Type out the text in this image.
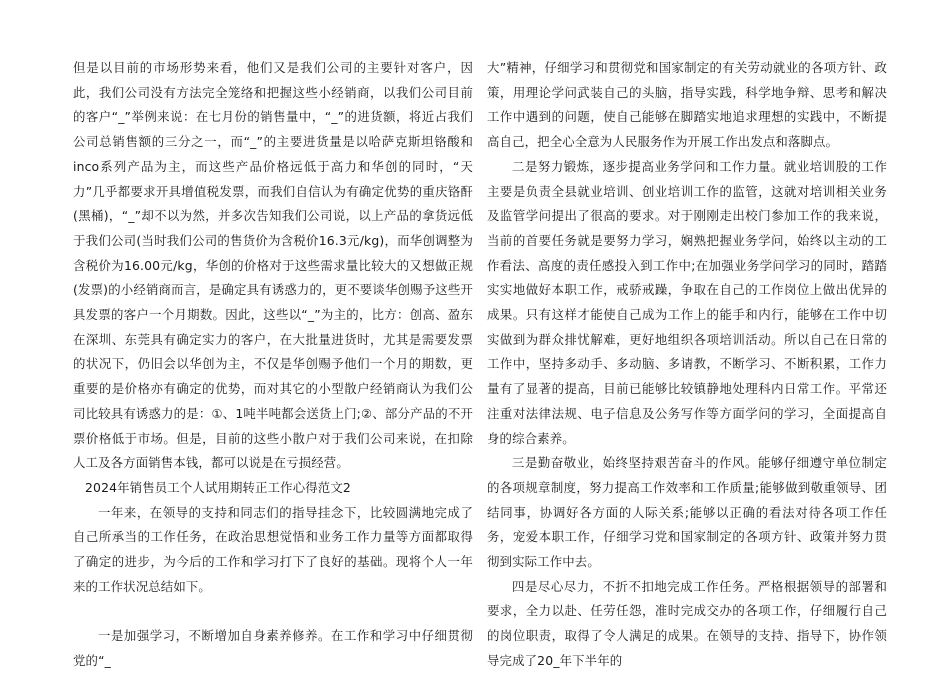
但是以目前的市场形势来看，他们又是我们公司的主要针对客户，因此，我们公司没有方法完全笼络和把握这些小经销商，以我们公司目前的客户“_”举例来说：在七月份的销售量中，“_”的进货额，将近占我们公司总销售额的三分之一，而“_”的主要进货量是以哈萨克斯坦铬酸和inco系列产品为主，而这些产品价格远低于高力和华创的同时，“天力”几乎都要求开具增值税发票，而我们自信认为有确定优势的重庆铬酐(黑桶)，“_”却不以为然，并多次告知我们公司说，以上产品的拿货远低于我们公司(当时我们公司的售货价为含税价16.3元/kg)，而华创调整为含税价为16.00元/kg，华创的价格对于这些需求量比较大的又想做正规(发票)的小经销商而言，是确定具有诱惑力的，更不要谈华创赐予这些开具发票的客户一个月期数。因此，这些以“_”为主的，比方：创高、盈东在深圳、东莞具有确定实力的客户，在大批量进货时，尤其是需要发票的状况下，仍旧会以华创为主，不仅是华创赐予他们一个月的期数，更重要的是价格亦有确定的优势，而对其它的小型散户经销商认为我们公司比较具有诱惑力的是：①、1吨半吨都会送货上门;②、部分产品的不开票价格低于市场。但是，目前的这些小散户对于我们公司来说，在扣除人工及各方面销售本钱，都可以说是在亏损经营。

2024年销售员工个人试用期转正工作心得范文2

一年来，在领导的支持和同志们的指导挂念下，比较圆满地完成了自己所承当的工作任务，在政治思想觉悟和业务工作力量等方面都取得了确定的进步，为今后的工作和学习打下了良好的基础。现将个人一年来的工作状况总结如下。

一是加强学习，不断增加自身素养修养。在工作和学习中仔细贯彻党的“_

大”精神，仔细学习和贯彻党和国家制定的有关劳动就业的各项方针、政策，用理论学问武装自己的头脑，指导实践，科学地争辩、思考和解决工作中遇到的问题，使自己能够在脚踏实地追求理想的实践中，不断提高自己，把全心全意为人民服务作为开展工作出发点和落脚点。

二是努力锻炼，逐步提高业务学问和工作力量。就业培训股的工作主要是负责全县就业培训、创业培训工作的监管，这就对培训相关业务及监管学问提出了很高的要求。对于刚刚走出校门参加工作的我来说，当前的首要任务就是要努力学习，娴熟把握业务学问，始终以主动的工作看法、高度的责任感投入到工作中;在加强业务学问学习的同时，踏踏实实地做好本职工作，戒骄戒躁，争取在自己的工作岗位上做出优异的成果。只有这样才能使自己成为工作上的能手和内行，能够在工作中切实做到为群众排忧解难，更好地组织各项培训活动。所以自己在日常的工作中，坚持多动手、多动脑、多请教，不断学习、不断积累，工作力量有了显著的提高，目前已能够比较镇静地处理科内日常工作。平常还注重对法律法规、电子信息及公务写作等方面学问的学习，全面提高自身的综合素养。

三是勤奋敬业，始终坚持艰苦奋斗的作风。能够仔细遵守单位制定的各项规章制度，努力提高工作效率和工作质量;能够做到敬重领导、团结同事，协调好各方面的人际关系;能够以正确的看法对待各项工作任务，宠爱本职工作，仔细学习党和国家制定的各项方针、政策并努力贯彻到实际工作中去。

四是尽心尽力，不折不扣地完成工作任务。严格根据领导的部署和要求，全力以赴、任劳任怨，准时完成交办的各项工作，仔细履行自己的岗位职责，取得了令人满足的成果。在领导的支持、指导下，协作领导完成了20_年下半年的
